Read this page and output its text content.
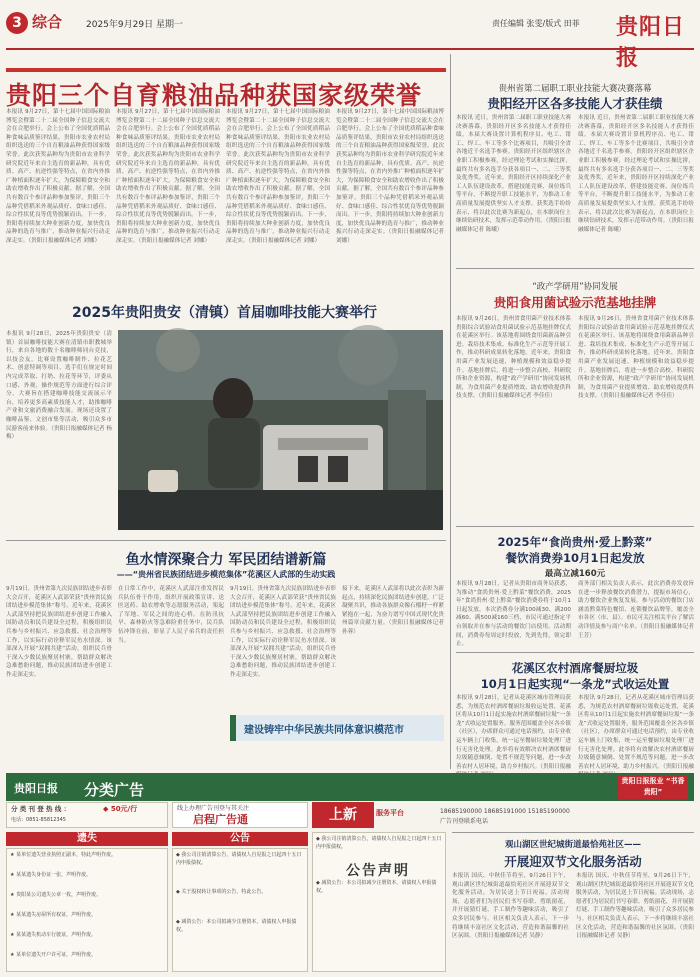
3 综合	2025年9月29日 星期一	责任编辑 张雯/版式 田菲 贵阳日报
贵阳三个自育粮油品种获国家级荣誉
本报讯 9月27日，第十七届中国国际粮油博览会暨第二十二届全国种子信息交流大会在合肥举行。会上公布了全国优质稻品种食味品质鉴评结果，贵阳市农业农村局组织选送的三个自育粮油品种获得国家级荣誉。此次获奖品种均为贵阳市农业科学研究院近年来自主选育的新品种，具有优质、高产、抗逆性强等特点，在省内外推广种植面积逐年扩大，为保障粮食安全和助农增收作出了积极贡献。据了解，全国共有数百个参评品种参加鉴评，贵阳三个品种凭借稻米外观品质好、食味口感佳、综合性状优良等优势脱颖而出。下一步，贵阳将持续加大种业创新力度，加快优良品种的选育与推广，推动种业振兴行动走深走实。（贵阳日报融媒体记者 刘娜）
本报讯 9月27日，第十七届中国国际粮油博览会暨第二十二届全国种子信息交流大会在合肥举行。会上公布了全国优质稻品种食味品质鉴评结果，贵阳市农业农村局组织选送的三个自育粮油品种获得国家级荣誉。此次获奖品种均为贵阳市农业科学研究院近年来自主选育的新品种，具有优质、高产、抗逆性强等特点，在省内外推广种植面积逐年扩大，为保障粮食安全和助农增收作出了积极贡献。据了解，全国共有数百个参评品种参加鉴评，贵阳三个品种凭借稻米外观品质好、食味口感佳、综合性状优良等优势脱颖而出。下一步，贵阳将持续加大种业创新力度，加快优良品种的选育与推广，推动种业振兴行动走深走实。（贵阳日报融媒体记者 刘娜）
本报讯 9月27日，第十七届中国国际粮油博览会暨第二十二届全国种子信息交流大会在合肥举行。会上公布了全国优质稻品种食味品质鉴评结果，贵阳市农业农村局组织选送的三个自育粮油品种获得国家级荣誉。此次获奖品种均为贵阳市农业科学研究院近年来自主选育的新品种，具有优质、高产、抗逆性强等特点，在省内外推广种植面积逐年扩大，为保障粮食安全和助农增收作出了积极贡献。据了解，全国共有数百个参评品种参加鉴评，贵阳三个品种凭借稻米外观品质好、食味口感佳、综合性状优良等优势脱颖而出。下一步，贵阳将持续加大种业创新力度，加快优良品种的选育与推广，推动种业振兴行动走深走实。（贵阳日报融媒体记者 刘娜）
本报讯 9月27日，第十七届中国国际粮油博览会暨第二十二届全国种子信息交流大会在合肥举行。会上公布了全国优质稻品种食味品质鉴评结果，贵阳市农业农村局组织选送的三个自育粮油品种获得国家级荣誉。此次获奖品种均为贵阳市农业科学研究院近年来自主选育的新品种，具有优质、高产、抗逆性强等特点，在省内外推广种植面积逐年扩大，为保障粮食安全和助农增收作出了积极贡献。据了解，全国共有数百个参评品种参加鉴评，贵阳三个品种凭借稻米外观品质好、食味口感佳、综合性状优良等优势脱颖而出。下一步，贵阳将持续加大种业创新力度，加快优良品种的选育与推广，推动种业振兴行动走深走实。（贵阳日报融媒体记者 刘娜）
贵州省第二届职工职业技能大赛决赛落幕
贵阳经开区各多技能人才获佳绩
本报讯 近日，贵州省第二届职工职业技能大赛决赛落幕，贵阳经开区多名技能人才获得佳绩。本届大赛设置计算机程序员、电工、钳工、焊工、车工等多个比赛项目，共吸引全省各地近千名选手参赛。贵阳经开区组织辖区企业职工积极参赛，经过理论考试和实操比拼，最终共有多名选手分获各项目一、二、三等奖及优秀奖。近年来，贵阳经开区持续深化产业工人队伍建设改革，搭建技能竞赛、岗位练兵等平台，不断提升职工技能水平，为推动工业高质量发展提供坚实人才支撑。获奖选手纷纷表示，将以此次比赛为新起点，在本职岗位上继续钻研技术，发挥示范带动作用。（贵阳日报融媒体记者 陈曦）
本报讯 近日，贵州省第二届职工职业技能大赛决赛落幕，贵阳经开区多名技能人才获得佳绩。本届大赛设置计算机程序员、电工、钳工、焊工、车工等多个比赛项目，共吸引全省各地近千名选手参赛。贵阳经开区组织辖区企业职工积极参赛，经过理论考试和实操比拼，最终共有多名选手分获各项目一、二、三等奖及优秀奖。近年来，贵阳经开区持续深化产业工人队伍建设改革，搭建技能竞赛、岗位练兵等平台，不断提升职工技能水平，为推动工业高质量发展提供坚实人才支撑。获奖选手纷纷表示，将以此次比赛为新起点，在本职岗位上继续钻研技术，发挥示范带动作用。（贵阳日报融媒体记者 陈曦）
2025年贵阳贵安（清镇）首届咖啡技能大赛举行
本报讯 9月28日，2025年贵阳贵安（清镇）首届咖啡技能大赛在清镇市职教城举行，来自各地的数十名咖啡师同台竞技，以技会友。比赛设置咖啡制作、拉花艺术、创意特调等项目，选手们在规定时间内完成萃取、打奶、拉花等环节，评委从口感、外观、操作规范等方面进行综合评分。大赛旨在搭建咖啡技能交流展示平台，培养更多高素质技能人才，助推咖啡产业和文旅消费融合发展。现场还设置了咖啡品鉴、文创市集等活动，吸引众多市民游客前来体验。（贵阳日报融媒体记者 杨梅）
参赛选手正在制作咖啡。
“政产学研用”协同发展
贵阳食用菌试验示范基地挂牌
本报讯 9月26日，贵州省食用菌产业技术体系贵阳综合试验站食用菌试验示范基地挂牌仪式在花溪区举行。该基地将围绕食用菌新品种引进、栽培技术集成、标准化生产示范等开展工作，推动科研成果转化落地。近年来，贵阳食用菌产业发展迅速，种植规模和效益稳步提升。基地挂牌后，将进一步整合高校、科研院所和企业资源，构建“政产学研用”协同发展机制，为食用菌产业提质增效、助农增收提供科技支撑。（贵阳日报融媒体记者 李佳佳）
本报讯 9月26日，贵州省食用菌产业技术体系贵阳综合试验站食用菌试验示范基地挂牌仪式在花溪区举行。该基地将围绕食用菌新品种引进、栽培技术集成、标准化生产示范等开展工作，推动科研成果转化落地。近年来，贵阳食用菌产业发展迅速，种植规模和效益稳步提升。基地挂牌后，将进一步整合高校、科研院所和企业资源，构建“政产学研用”协同发展机制，为食用菌产业提质增效、助农增收提供科技支撑。（贵阳日报融媒体记者 李佳佳）
2025年“食尚贵州·爱上黔菜”
餐饮消费券10月1日起发放
最高立减160元
本报讯 9月28日，记者从贵阳市商务局获悉，为推动“食尚贵州·爱上黔菜”餐饮消费，2025年“食尚贵州·爱上黔菜”餐饮消费券将于10月1日起发放。本次消费券分满100减30、满200减60、满500减160三档，市民可通过指定平台领取并在参与活动的餐饮门店使用。活动期间，消费券每周定时投放，先到先得，领完即止。
商务部门相关负责人表示，此次消费券发放旨在进一步释放餐饮消费潜力，提振市场信心，助力餐饮企业恢复发展。参与活动的餐饮门店涵盖黔菜特色餐馆、连锁餐饮品牌等，覆盖全市各区（市、县）。市民可关注相关平台了解活动详情及参与商户名单。（贵阳日报融媒体记者 王芳）
鱼水情深聚合力 军民团结谱新篇
——“贵州省民族团结进步模范集体”花溪区人武部的生动实践
9月19日，贵州省第九次民族团结进步表彰大会召开，花溪区人武部荣获“贵州省民族团结进步模范集体”称号。近年来，花溪区人武部坚持把民族团结进步创建工作融入国防动员和民兵建设全过程，积极组织民兵参与乡村振兴、应急救援、社会治理等工作，以实际行动诠释军民鱼水情深。该部深入开展“双拥共建”活动，组织民兵骨干深入少数民族聚居村寨，帮助群众解决急难愁盼问题，推动民族团结进步创建工作走深走实。
在日常工作中，花溪区人武部注重发挥民兵队伍骨干作用，组织开展政策宣讲、送医送药、助农增收等志愿服务活动，架起了军地、军民之间的连心桥。在防汛抗旱、森林防火等急难险重任务中，民兵队伍冲锋在前，彰显了人民子弟兵的责任担当。
9月19日，贵州省第九次民族团结进步表彰大会召开，花溪区人武部荣获“贵州省民族团结进步模范集体”称号。近年来，花溪区人武部坚持把民族团结进步创建工作融入国防动员和民兵建设全过程，积极组织民兵参与乡村振兴、应急救援、社会治理等工作，以实际行动诠释军民鱼水情深。该部深入开展“双拥共建”活动，组织民兵骨干深入少数民族聚居村寨，帮助群众解决急难愁盼问题，推动民族团结进步创建工作走深走实。
接下来，花溪区人武部将以此次表彰为新起点，持续深化民族团结进步创建，广泛凝聚共识，推动各族群众像石榴籽一样紧紧抱在一起，为奋力谱写中国式现代化贵州篇章贡献力量。（贵阳日报融媒体记者 孙蓉）
建设铸牢中华民族共同体意识模范市
花溪区农村酒席餐厨垃圾
10月1日起实现“一条龙”式收运处置
本报讯 9月28日，记者从花溪区城市管理局获悉，为规范农村酒席餐厨垃圾收运处置，花溪区将从10月1日起实施农村酒席餐厨垃圾“一条龙”式收运处置服务。服务范围覆盖全区各乡镇（社区），办席群众可通过电话预约，由专业收运车辆上门收集，统一运至餐厨垃圾处理厂进行无害化处理。此举将有效解决农村酒席餐厨垃圾随意倾倒、处置不规范等问题，进一步改善农村人居环境，助力乡村振兴。（贵阳日报融
本报讯 9月28日，记者从花溪区城市管理局获悉，为规范农村酒席餐厨垃圾收运处置，花溪区将从10月1日起实施农村酒席餐厨垃圾“一条龙”式收运处置服务。服务范围覆盖全区各乡镇（社区），办席群众可通过电话预约，由专业收运车辆上门收集，统一运至餐厨垃圾处理厂进行无害化处理。此举将有效解决农村酒席餐厨垃圾随意倾倒、处置不规范等问题，进一步改善农村人居环境，助力乡村振兴。（贵阳日报融
贵阳日报 分类广告	贵阳日报报业 “书香贵阳”
分 类 刊 登 热 线 ：	◆ 50元/行
电话：0851-85812345
线上办理广告刊登与其关注
启程广告通	上新	服务平台	18685190000 18685191000 15185190000
广告刊登联系电话
遗失
★ 某单位遗失营业执照正副本，特此声明作废。
★ 某某遗失身份证一张，声明作废。
★ 贵阳某公司遗失公章一枚，声明作废。
★ 某某遗失房屋所有权证，声明作废。
★ 某某遗失机动车行驶证，声明作废。
★ 某单位遗失开户许可证，声明作废。
公告
◆ 我公司注销清算公告，请债权人自见报之日起四十五日内申报债权。
◆ 关于股权转让事项的公告，特此公告。
◆ 减资公告：本公司拟减少注册资本，请债权人申报债权。
◆ 我公司注销清算公告，请债权人自见报之日起四十五日内申报债权。
公告声明
◆ 减资公告：本公司拟减少注册资本，请债权人申报债权。
观山湖区世纪城街道最恰苑社区——
开展迎双节文化服务活动
本报讯 国庆、中秋佳节将至，9月26日下午，观山湖区世纪城街道最恰苑社区开展迎双节文化服务活动，为居民送上节日祝福。活动现场，志愿者们为居民们书写春联、剪纸窗花，并开展猜灯谜、手工制作等趣味活动，吸引了众多居民参与。社区相关负责人表示，下一步将继续丰富社区文化活动，营造和谐温馨的社区氛围。（贵阳日报融媒体记者 吴静）
本报讯 国庆、中秋佳节将至，9月26日下午，观山湖区世纪城街道最恰苑社区开展迎双节文化服务活动，为居民送上节日祝福。活动现场，志愿者们为居民们书写春联、剪纸窗花，并开展猜灯谜、手工制作等趣味活动，吸引了众多居民参与。社区相关负责人表示，下一步将继续丰富社区文化活动，营造和谐温馨的社区氛围。（贵阳日报融媒体记者 吴静）
